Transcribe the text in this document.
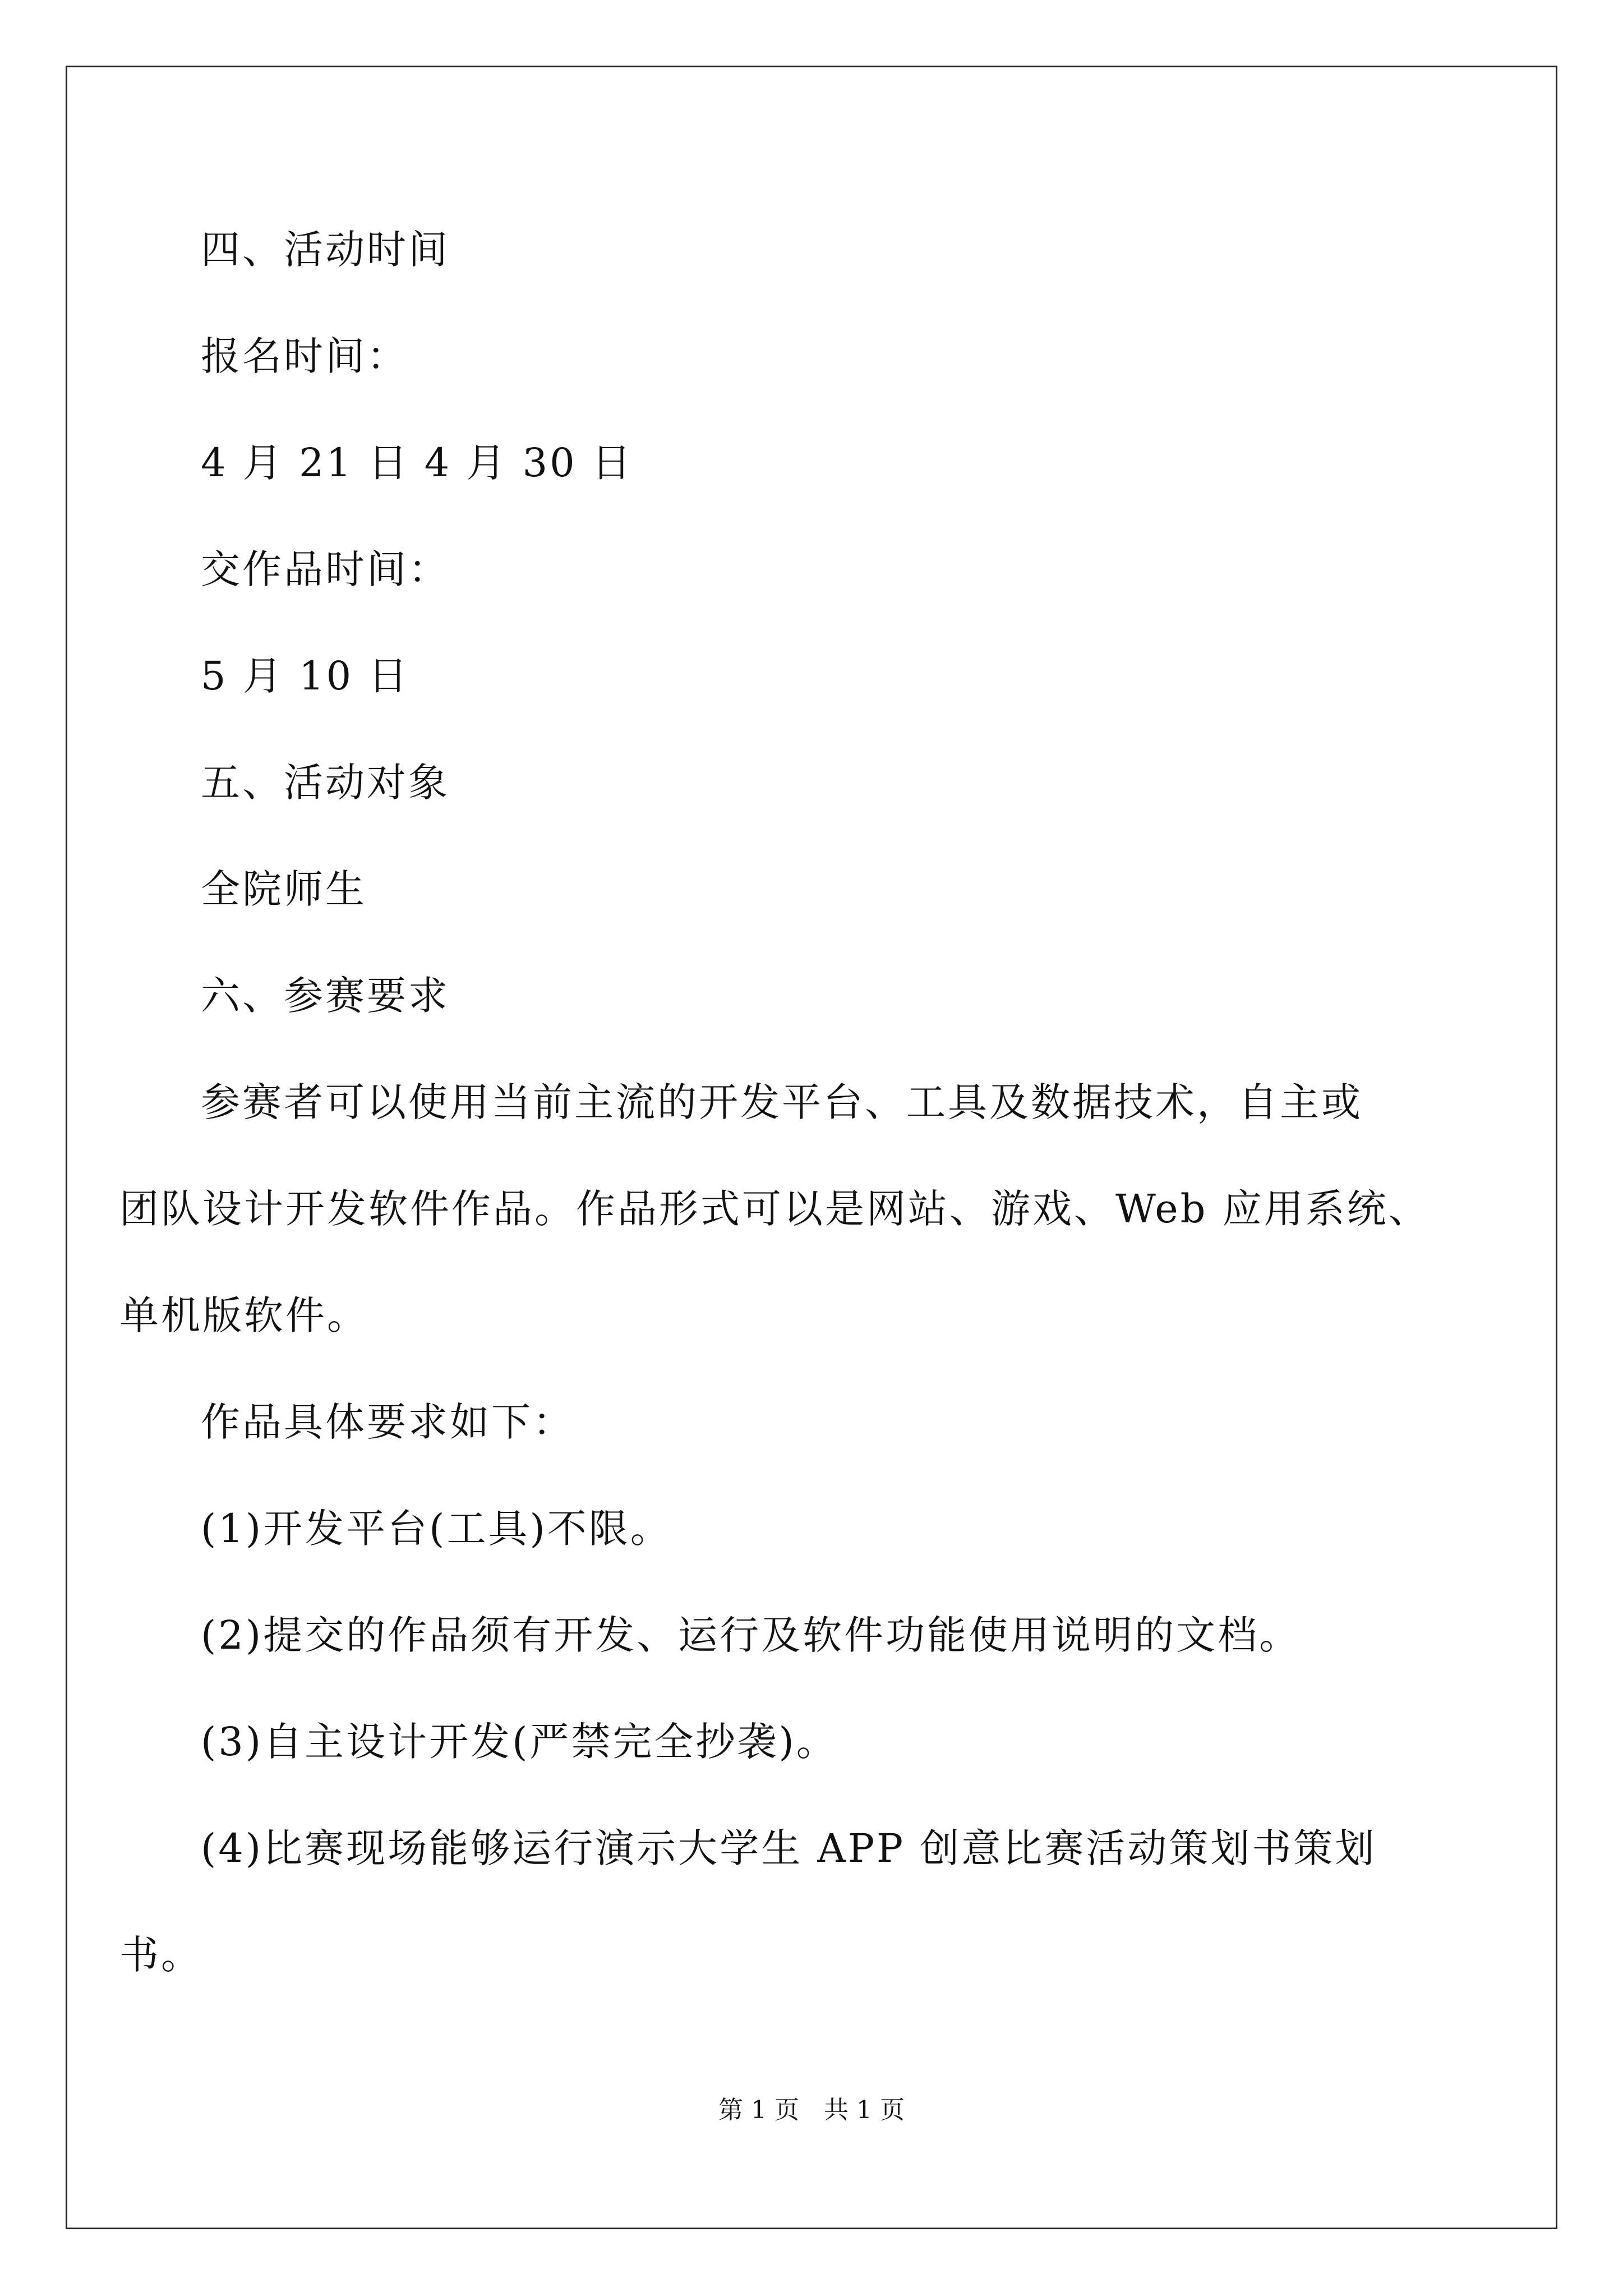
四、活动时间
报名时间：
4 月 21 日 4 月 30 日
交作品时间：
5 月 10 日
五、活动对象
全院师生
六、参赛要求
参赛者可以使用当前主流的开发平台、工具及数据技术，自主或
团队设计开发软件作品。作品形式可以是网站、游戏、Web 应用系统、
单机版软件。
作品具体要求如下：
(1)开发平台(工具)不限。
(2)提交的作品须有开发、运行及软件功能使用说明的文档。
(3)自主设计开发(严禁完全抄袭)。
(4)比赛现场能够运行演示大学生 APP 创意比赛活动策划书策划
书。
第 1 页　共 1 页
